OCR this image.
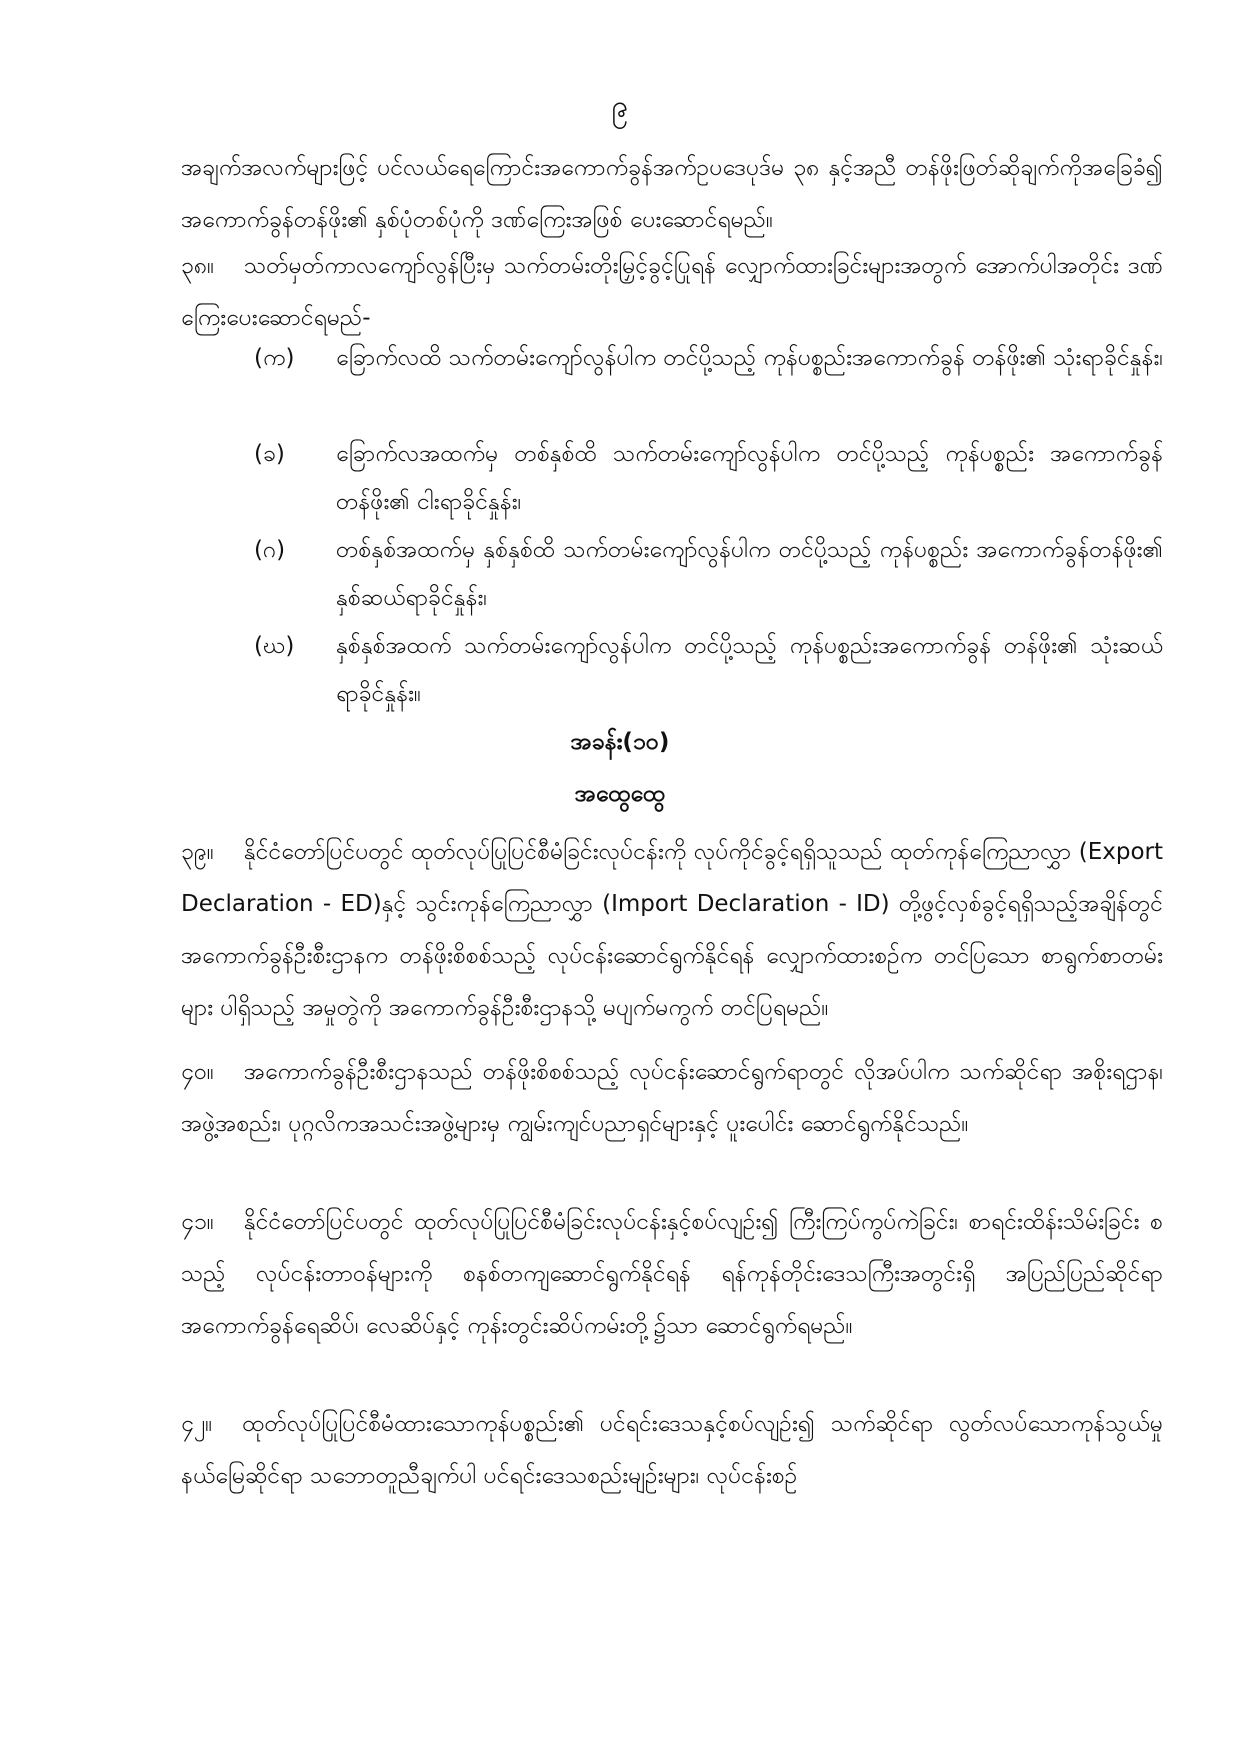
၉
အချက်အလက်များဖြင့် ပင်လယ်ရေကြောင်းအကောက်ခွန်အက်ဥပဒေပုဒ်မ ၃၈ နှင့်အညီ တန်ဖိုးဖြတ်ဆိုချက်ကိုအခြေခံ၍ အကောက်ခွန်တန်ဖိုး၏ နှစ်ပုံတစ်ပုံကို ဒဏ်ကြေးအဖြစ် ပေးဆောင်ရမည်။
၃၈။ သတ်မှတ်ကာလကျော်လွန်ပြီးမှ သက်တမ်းတိုးမြှင့်ခွင့်ပြုရန် လျှောက်ထားခြင်းများအတွက် အောက်ပါအတိုင်း ဒဏ်ကြေးပေးဆောင်ရမည်-
(က)	ခြောက်လထိ သက်တမ်းကျော်လွန်ပါက တင်ပို့သည့် ကုန်ပစ္စည်းအကောက်ခွန် တန်ဖိုး၏ သုံးရာခိုင်နှုန်း၊
(ခ)	ခြောက်လအထက်မှ တစ်နှစ်ထိ သက်တမ်းကျော်လွန်ပါက တင်ပို့သည့် ကုန်ပစ္စည်း အကောက်ခွန်တန်ဖိုး၏ ငါးရာခိုင်နှုန်း၊
(ဂ)	တစ်နှစ်အထက်မှ နှစ်နှစ်ထိ သက်တမ်းကျော်လွန်ပါက တင်ပို့သည့် ကုန်ပစ္စည်း အကောက်ခွန်တန်ဖိုး၏ နှစ်ဆယ်ရာခိုင်နှုန်း၊
(ဃ)	နှစ်နှစ်အထက် သက်တမ်းကျော်လွန်ပါက တင်ပို့သည့် ကုန်ပစ္စည်းအကောက်ခွန် တန်ဖိုး၏ သုံးဆယ်ရာခိုင်နှုန်း။
အခန်း(၁၀)
အထွေထွေ
၃၉။ နိုင်ငံတော်ပြင်ပတွင် ထုတ်လုပ်ပြုပြင်စီမံခြင်းလုပ်ငန်းကို လုပ်ကိုင်ခွင့်ရရှိသူသည် ထုတ်ကုန်ကြေညာလွှာ (Export Declaration - ED)နှင့် သွင်းကုန်ကြေညာလွှာ (Import Declaration - ID) တို့ဖွင့်လှစ်ခွင့်ရရှိသည့်အချိန်တွင် အကောက်ခွန်ဦးစီးဌာနက တန်ဖိုးစိစစ်သည့် လုပ်ငန်းဆောင်ရွက်နိုင်ရန် လျှောက်ထားစဉ်က တင်ပြသော စာရွက်စာတမ်းများ ပါရှိသည့် အမှုတွဲကို အကောက်ခွန်ဦးစီးဌာနသို့ မပျက်မကွက် တင်ပြရမည်။
၄၀။ အကောက်ခွန်ဦးစီးဌာနသည် တန်ဖိုးစိစစ်သည့် လုပ်ငန်းဆောင်ရွက်ရာတွင် လိုအပ်ပါက သက်ဆိုင်ရာ အစိုးရဌာန၊ အဖွဲ့အစည်း၊ ပုဂ္ဂလိကအသင်းအဖွဲ့များမှ ကျွမ်းကျင်ပညာရှင်များနှင့် ပူးပေါင်း ဆောင်ရွက်နိုင်သည်။
၄၁။ နိုင်ငံတော်ပြင်ပတွင် ထုတ်လုပ်ပြုပြင်စီမံခြင်းလုပ်ငန်းနှင့်စပ်လျဉ်း၍ ကြီးကြပ်ကွပ်ကဲခြင်း၊ စာရင်းထိန်းသိမ်းခြင်း စသည့် လုပ်ငန်းတာဝန်များကို စနစ်တကျဆောင်ရွက်နိုင်ရန် ရန်ကုန်တိုင်းဒေသကြီးအတွင်းရှိ အပြည်ပြည်ဆိုင်ရာ အကောက်ခွန်ရေဆိပ်၊ လေဆိပ်နှင့် ကုန်းတွင်းဆိပ်ကမ်းတို့၌သာ ဆောင်ရွက်ရမည်။
၄၂။ ထုတ်လုပ်ပြုပြင်စီမံထားသောကုန်ပစ္စည်း၏ ပင်ရင်းဒေသနှင့်စပ်လျဉ်း၍ သက်ဆိုင်ရာ လွတ်လပ်သောကုန်သွယ်မှုနယ်မြေဆိုင်ရာ သဘောတူညီချက်ပါ ပင်ရင်းဒေသစည်းမျဉ်းများ၊ လုပ်ငန်းစဉ်
